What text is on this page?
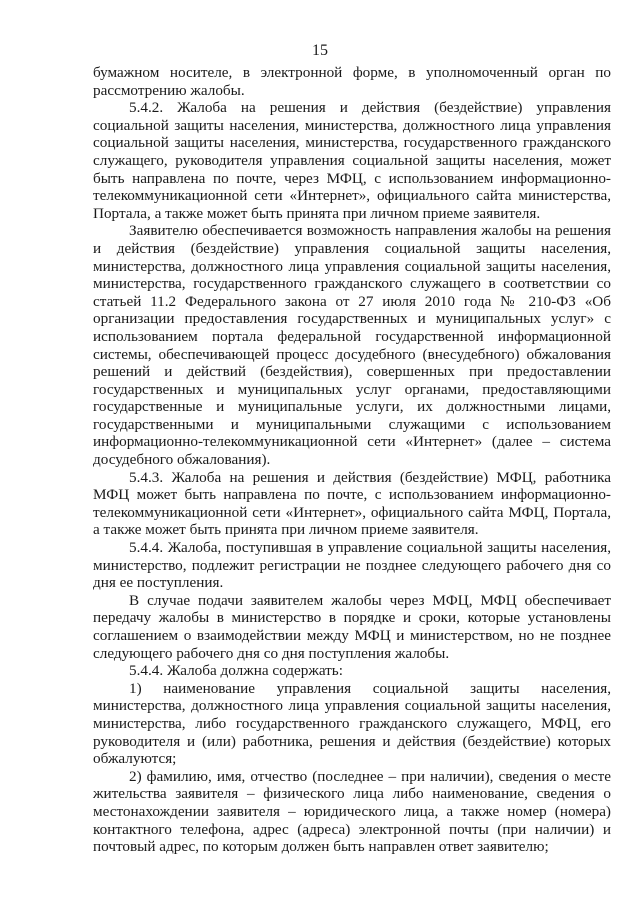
15

бумажном носителе, в электронной форме, в уполномоченный орган по рассмотрению жалобы.

5.4.2. Жалоба на решения и действия (бездействие) управления социальной защиты населения, министерства, должностного лица управления социальной защиты населения, министерства, государственного гражданского служащего, руководителя управления социальной защиты населения, может быть направлена по почте, через МФЦ, с использованием информационно-телекоммуникационной сети «Интернет», официального сайта министерства, Портала, а также может быть принята при личном приеме заявителя.

Заявителю обеспечивается возможность направления жалобы на решения и действия (бездействие) управления социальной защиты населения, министерства, должностного лица управления социальной защиты населения, министерства, государственного гражданского служащего в соответствии со статьей 11.2 Федерального закона от 27 июля 2010 года № 210-ФЗ «Об организации предоставления государственных и муниципальных услуг» с использованием портала федеральной государственной информационной системы, обеспечивающей процесс досудебного (внесудебного) обжалования решений и действий (бездействия), совершенных при предоставлении государственных и муниципальных услуг органами, предоставляющими государственные и муниципальные услуги, их должностными лицами, государственными и муниципальными служащими с использованием информационно-телекоммуникационной сети «Интернет» (далее – система досудебного обжалования).

5.4.3. Жалоба на решения и действия (бездействие) МФЦ, работника МФЦ может быть направлена по почте, с использованием информационно-телекоммуникационной сети «Интернет», официального сайта МФЦ, Портала, а также может быть принята при личном приеме заявителя.

5.4.4. Жалоба, поступившая в управление социальной защиты населения, министерство, подлежит регистрации не позднее следующего рабочего дня со дня ее поступления.

В случае подачи заявителем жалобы через МФЦ, МФЦ обеспечивает передачу жалобы в министерство в порядке и сроки, которые установлены соглашением о взаимодействии между МФЦ и министерством, но не позднее следующего рабочего дня со дня поступления жалобы.

5.4.4. Жалоба должна содержать:

1) наименование управления социальной защиты населения, министерства, должностного лица управления социальной защиты населения, министерства, либо государственного гражданского служащего, МФЦ, его руководителя и (или) работника, решения и действия (бездействие) которых обжалуются;

2) фамилию, имя, отчество (последнее – при наличии), сведения о месте жительства заявителя – физического лица либо наименование, сведения о местонахождении заявителя – юридического лица, а также номер (номера) контактного телефона, адрес (адреса) электронной почты (при наличии) и почтовый адрес, по которым должен быть направлен ответ заявителю;
